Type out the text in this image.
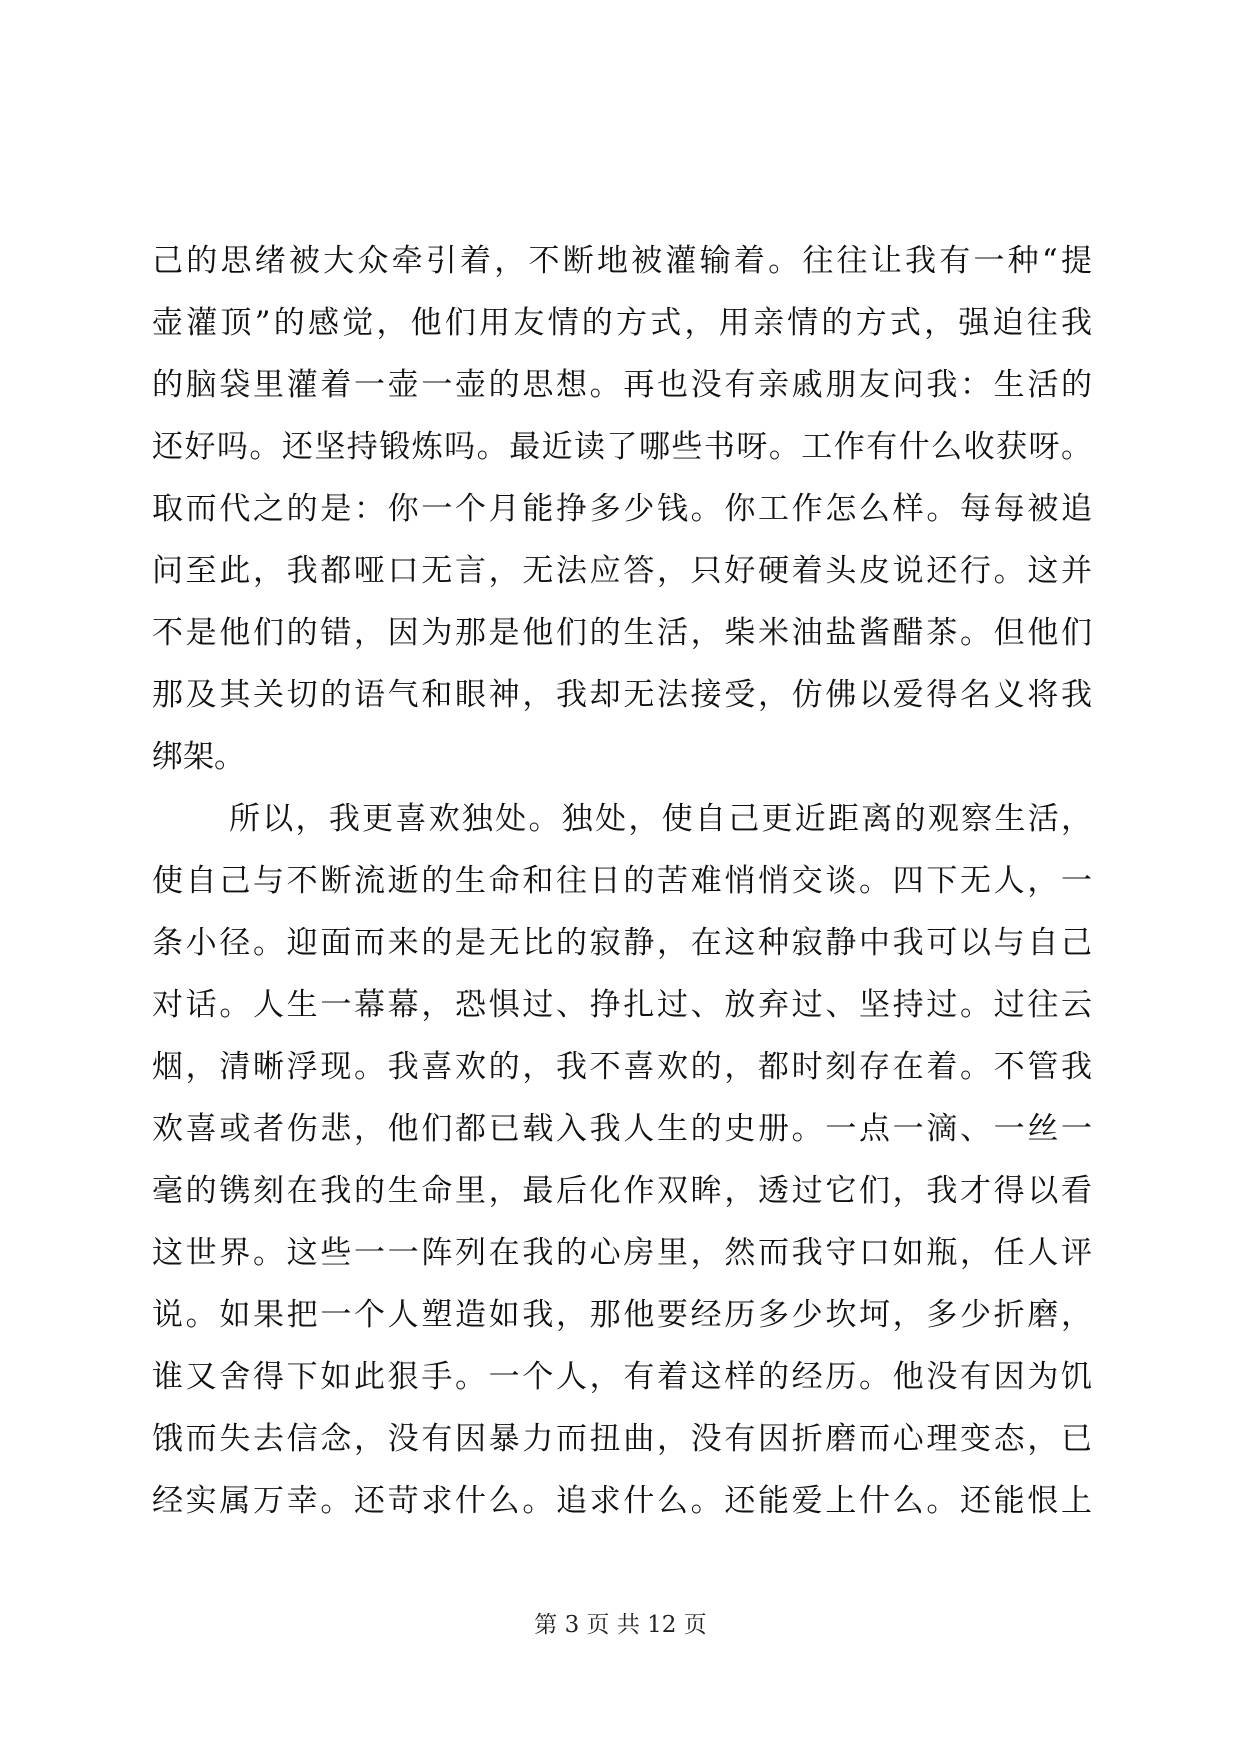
己的思绪被大众牵引着，不断地被灌输着。往往让我有一种“提
壶灌顶”的感觉，他们用友情的方式，用亲情的方式，强迫往我
的脑袋里灌着一壶一壶的思想。再也没有亲戚朋友问我：生活的
还好吗。还坚持锻炼吗。最近读了哪些书呀。工作有什么收获呀。
取而代之的是：你一个月能挣多少钱。你工作怎么样。每每被追
问至此，我都哑口无言，无法应答，只好硬着头皮说还行。这并
不是他们的错，因为那是他们的生活，柴米油盐酱醋茶。但他们
那及其关切的语气和眼神，我却无法接受，仿佛以爱得名义将我
绑架。
所以，我更喜欢独处。独处，使自己更近距离的观察生活，
使自己与不断流逝的生命和往日的苦难悄悄交谈。四下无人，一
条小径。迎面而来的是无比的寂静，在这种寂静中我可以与自己
对话。人生一幕幕，恐惧过、挣扎过、放弃过、坚持过。过往云
烟，清晰浮现。我喜欢的，我不喜欢的，都时刻存在着。不管我
欢喜或者伤悲，他们都已载入我人生的史册。一点一滴、一丝一
毫的镌刻在我的生命里，最后化作双眸，透过它们，我才得以看
这世界。这些一一阵列在我的心房里，然而我守口如瓶，任人评
说。如果把一个人塑造如我，那他要经历多少坎坷，多少折磨，
谁又舍得下如此狠手。一个人，有着这样的经历。他没有因为饥
饿而失去信念，没有因暴力而扭曲，没有因折磨而心理变态，已
经实属万幸。还苛求什么。追求什么。还能爱上什么。还能恨上
第 3 页 共 12 页
